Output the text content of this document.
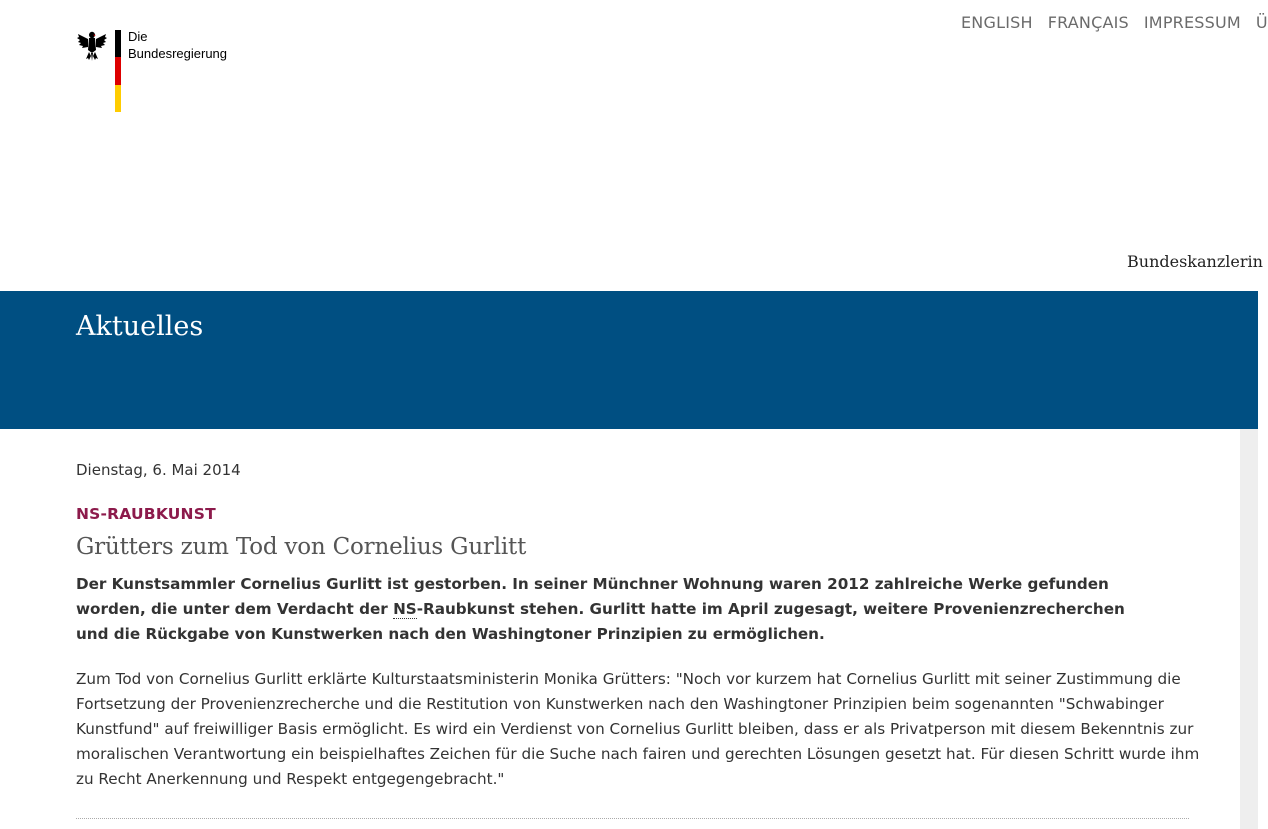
Die
Bundesregierung
ENGLISH FRANÇAIS IMPRESSUM Ü
Bundeskanzlerin
Aktuelles

Dienstag, 6. Mai 2014

NS-RAUBKUNST

Grütters zum Tod von Cornelius Gurlitt

Der Kunstsammler Cornelius Gurlitt ist gestorben. In seiner Münchner Wohnung waren 2012 zahlreiche Werke gefunden worden, die unter dem Verdacht der NS-Raubkunst stehen. Gurlitt hatte im April zugesagt, weitere Provenienzrecherchen und die Rückgabe von Kunstwerken nach den Washingtoner Prinzipien zu ermöglichen.

Zum Tod von Cornelius Gurlitt erklärte Kulturstaatsministerin Monika Grütters: "Noch vor kurzem hat Cornelius Gurlitt mit seiner Zustimmung die Fortsetzung der Provenienzrecherche und die Restitution von Kunstwerken nach den Washingtoner Prinzipien beim sogenannten "Schwabinger Kunstfund" auf freiwilliger Basis ermöglicht. Es wird ein Verdienst von Cornelius Gurlitt bleiben, dass er als Privatperson mit diesem Bekenntnis zur moralischen Verantwortung ein beispielhaftes Zeichen für die Suche nach fairen und gerechten Lösungen gesetzt hat. Für diesen Schritt wurde ihm zu Recht Anerkennung und Respekt entgegengebracht."
